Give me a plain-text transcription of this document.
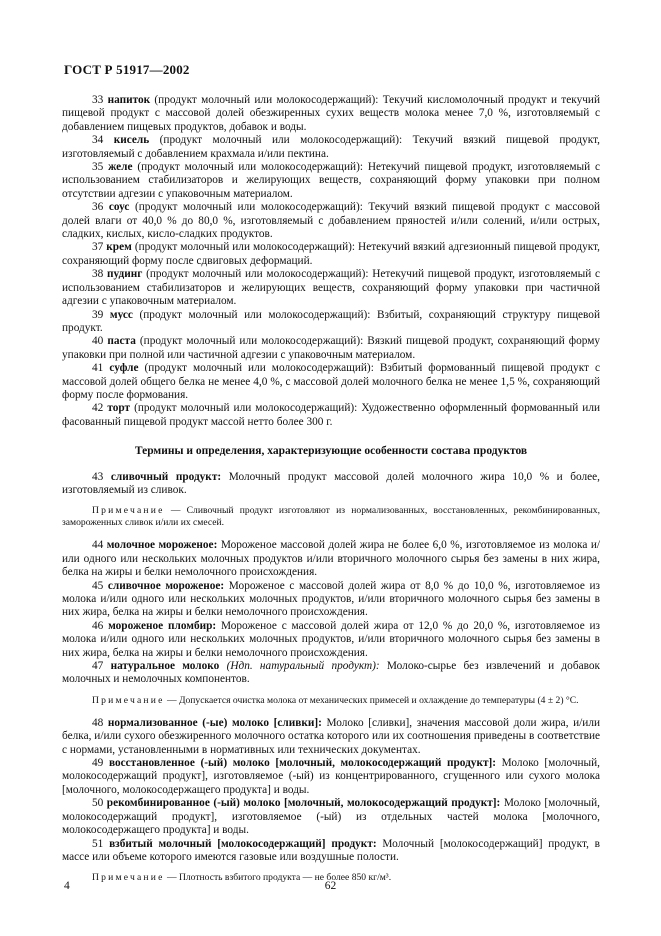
ГОСТ Р 51917—2002

33 напиток (продукт молочный или молокосодержащий): Текучий кисломолочный продукт и текучий пищевой продукт с массовой долей обезжиренных сухих веществ молока менее 7,0 %, изготовляемый с добавлением пищевых продуктов, добавок и воды.

34 кисель (продукт молочный или молокосодержащий): Текучий вязкий пищевой продукт, изготовляемый с добавлением крахмала и/или пектина.

35 желе (продукт молочный или молокосодержащий): Нетекучий пищевой продукт, изготовляемый с использованием стабилизаторов и желирующих веществ, сохраняющий форму упаковки при полном отсутствии адгезии с упаковочным материалом.

36 соус (продукт молочный или молокосодержащий): Текучий вязкий пищевой продукт с массовой долей влаги от 40,0 % до 80,0 %, изготовляемый с добавлением пряностей и/или солений, и/или острых, сладких, кислых, кисло-сладких продуктов.

37 крем (продукт молочный или молокосодержащий): Нетекучий вязкий адгезионный пищевой продукт, сохраняющий форму после сдвиговых деформаций.

38 пудинг (продукт молочный или молокосодержащий): Нетекучий пищевой продукт, изготовляемый с использованием стабилизаторов и желирующих веществ, сохраняющий форму упаковки при частичной адгезии с упаковочным материалом.

39 мусс (продукт молочный или молокосодержащий): Взбитый, сохраняющий структуру пищевой продукт.

40 паста (продукт молочный или молокосодержащий): Вязкий пищевой продукт, сохраняющий форму упаковки при полной или частичной адгезии с упаковочным материалом.

41 суфле (продукт молочный или молокосодержащий): Взбитый формованный пищевой продукт с массовой долей общего белка не менее 4,0 %, с массовой долей молочного белка не менее 1,5 %, сохраняющий форму после формования.

42 торт (продукт молочный или молокосодержащий): Художественно оформленный формованный или фасованный пищевой продукт массой нетто более 300 г.

Термины и определения, характеризующие особенности состава продуктов

43 сливочный продукт: Молочный продукт массовой долей молочного жира 10,0 % и более, изготовляемый из сливок.

Примечание — Сливочный продукт изготовляют из нормализованных, восстановленных, рекомбинированных, замороженных сливок и/или их смесей.

44 молочное мороженое: Мороженое массовой долей жира не более 6,0 %, изготовляемое из молока и/или одного или нескольких молочных продуктов и/или вторичного молочного сырья без замены в них жира, белка на жиры и белки немолочного происхождения.

45 сливочное мороженое: Мороженое с массовой долей жира от 8,0 % до 10,0 %, изготовляемое из молока и/или одного или нескольких молочных продуктов, и/или вторичного молочного сырья без замены в них жира, белка на жиры и белки немолочного происхождения.

46 мороженое пломбир: Мороженое с массовой долей жира от 12,0 % до 20,0 %, изготовляемое из молока и/или одного или нескольких молочных продуктов, и/или вторичного молочного сырья без замены в них жира, белка на жиры и белки немолочного происхождения.

47 натуральное молоко (Ндп. натуральный продукт): Молоко-сырье без извлечений и добавок молочных и немолочных компонентов.

Примечание — Допускается очистка молока от механических примесей и охлаждение до температуры (4 ± 2) °С.

48 нормализованное (-ые) молоко [сливки]: Молоко [сливки], значения массовой доли жира, и/или белка, и/или сухого обезжиренного молочного остатка которого или их соотношения приведены в соответствие с нормами, установленными в нормативных или технических документах.

49 восстановленное (-ый) молоко [молочный, молокосодержащий продукт]: Молоко [молочный, молокосодержащий продукт], изготовляемое (-ый) из концентрированного, сгущенного или сухого молока [молочного, молокосодержащего продукта] и воды.

50 рекомбинированное (-ый) молоко [молочный, молокосодержащий продукт]: Молоко [молочный, молокосодержащий продукт], изготовляемое (-ый) из отдельных частей молока [молочного, молокосодержащего продукта] и воды.

51 взбитый молочный [молокосодержащий] продукт: Молочный [молокосодержащий] продукт, в массе или объеме которого имеются газовые или воздушные полости.

Примечание — Плотность взбитого продукта — не более 850 кг/м³.

4	62
